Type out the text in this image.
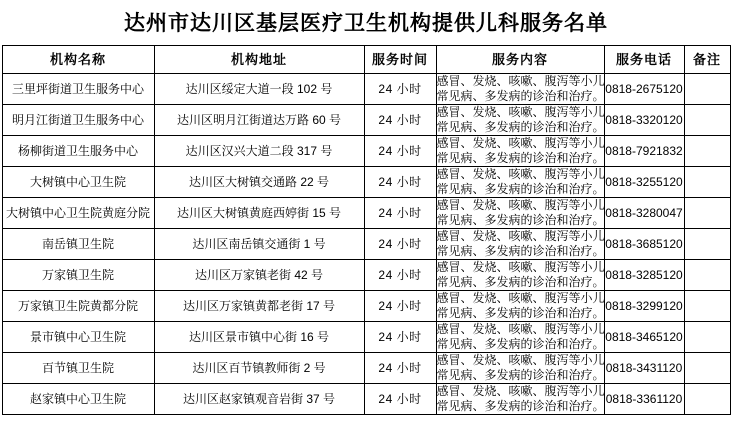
达州市达川区基层医疗卫生机构提供儿科服务名单
机构名称	机构地址	服务时间	服务内容	服务电话	备注
三里坪街道卫生服务中心	达川区绥定大道一段 102 号	24 小时	感冒、发烧、咳嗽、腹泻等小儿
常见病、多发病的诊治和治疗。	0818-2675120	
明月江街道卫生服务中心	达川区明月江街道达万路 60 号	24 小时	感冒、发烧、咳嗽、腹泻等小儿
常见病、多发病的诊治和治疗。	0818-3320120	
杨柳街道卫生服务中心	达川区汉兴大道二段 317 号	24 小时	感冒、发烧、咳嗽、腹泻等小儿
常见病、多发病的诊治和治疗。	0818-7921832	
大树镇中心卫生院	达川区大树镇交通路 22 号	24 小时	感冒、发烧、咳嗽、腹泻等小儿
常见病、多发病的诊治和治疗。	0818-3255120	
大树镇中心卫生院黄庭分院	达川区大树镇黄庭西婷街 15 号	24 小时	感冒、发烧、咳嗽、腹泻等小儿
常见病、多发病的诊治和治疗。	0818-3280047	
南岳镇卫生院	达川区南岳镇交通街 1 号	24 小时	感冒、发烧、咳嗽、腹泻等小儿
常见病、多发病的诊治和治疗。	0818-3685120	
万家镇卫生院	达川区万家镇老街 42 号	24 小时	感冒、发烧、咳嗽、腹泻等小儿
常见病、多发病的诊治和治疗。	0818-3285120	
万家镇卫生院黄都分院	达川区万家镇黄都老街 17 号	24 小时	感冒、发烧、咳嗽、腹泻等小儿
常见病、多发病的诊治和治疗。	0818-3299120	
景市镇中心卫生院	达川区景市镇中心街 16 号	24 小时	感冒、发烧、咳嗽、腹泻等小儿
常见病、多发病的诊治和治疗。	0818-3465120	
百节镇卫生院	达川区百节镇教师街 2 号	24 小时	感冒、发烧、咳嗽、腹泻等小儿
常见病、多发病的诊治和治疗。	0818-3431120	
赵家镇中心卫生院	达川区赵家镇观音岩街 37 号	24 小时	感冒、发烧、咳嗽、腹泻等小儿
常见病、多发病的诊治和治疗。	0818-3361120	
